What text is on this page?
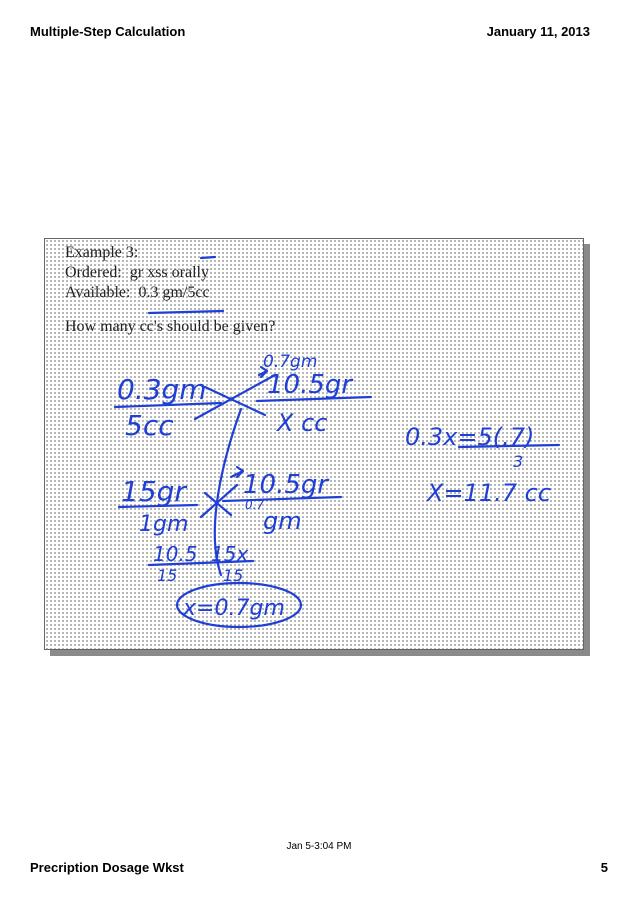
Multiple-Step Calculation	January 11, 2013
Example 3:
Ordered:  gr xss orally
Available:  0.3 gm/5cc
How many cc's should be given?
0.7gm
0.3gm
5cc
10.5gr
X cc	0.3x=5(.7)
3
X=11.7 cc
15gr
1gm
10.5gr
0.7
gm
10.5 15x
15	15
x=0.7gm
Jan 5-3:04 PM
Precription Dosage Wkst	5
